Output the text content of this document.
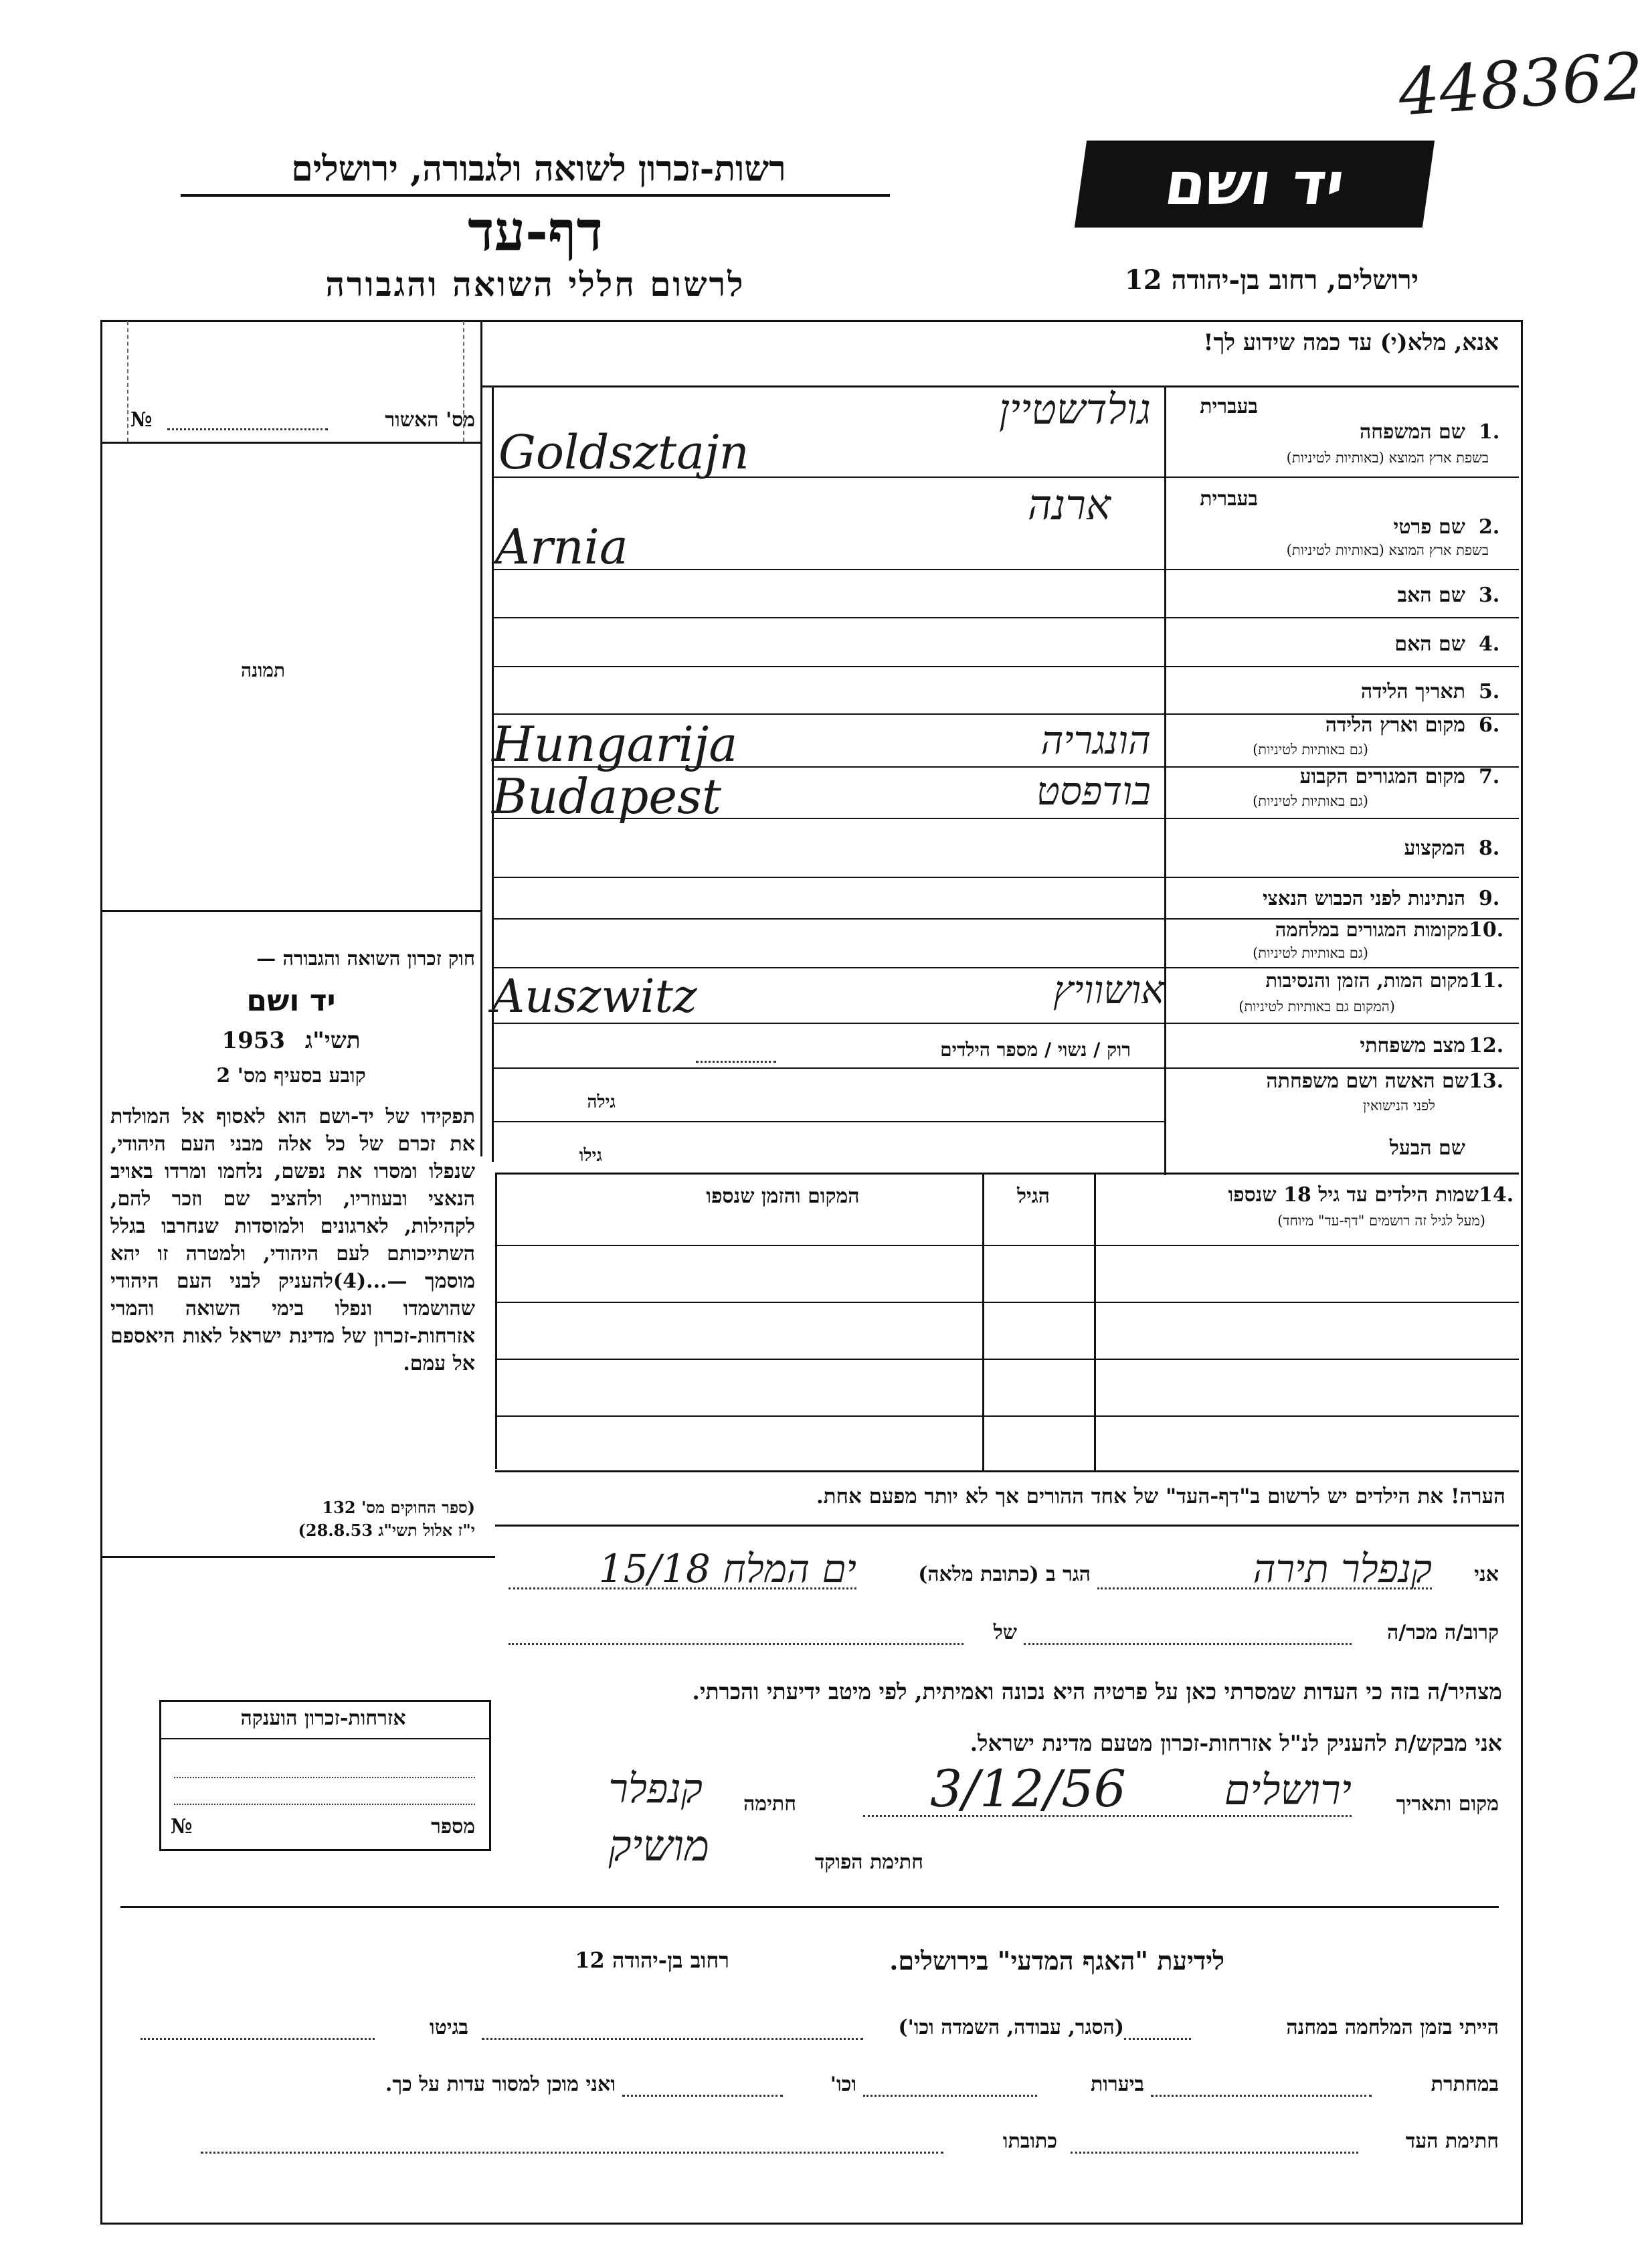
448362
רשות-זכרון לשואה ולגבורה, ירושלים
דף-עד
לרשום חללי השואה והגבורה
יד ושם
ירושלים, רחוב בן-יהודה 12
מס' האשור
№
תמונה
אנא, מלא(י) עד כמה שידוע לך!
בעברית
שם המשפחה 1.
בשפת ארץ המוצא (באותיות לטיניות)
גולדשטיין
Goldsztajn
בעברית
שם פרטי 2.
בשפת ארץ המוצא (באותיות לטיניות)
ארנה
Arnia
שם האב 3.
שם האם 4.
תאריך הלידה 5.
מקום וארץ הלידה 6.
(גם באותיות לטיניות)
הונגריה
Hungarija
מקום המגורים הקבוע 7.
(גם באותיות לטיניות)
בודפסט
Budapest
המקצוע 8.
הנתינות לפני הכבוש הנאצי 9.
מקומות המגורים במלחמה 10.
(גם באותיות לטיניות)
מקום המות, הזמן והנסיבות 11.
(המקום גם באותיות לטיניות)
אושוויץ
Auszwitz
מצב משפחתי 12.
רוק / נשוי / מספר הילדים
שם האשה ושם משפחתה 13.
לפני הנישואין
גילה
שם הבעל
גילו
שמות הילדים עד גיל 18 שנספו 14.
(מעל לגיל זה רושמים "דף-עד" מיוחד)
הגיל
המקום והזמן שנספו
חוק זכרון השואה והגבורה —
יד ושם
1953 תשי"ג
קובע בסעיף מס' 2
תפקידו של יד-ושם הוא לאסוף אל המולדת את זכרם של כל אלה מבני העם היהודי, שנפלו ומסרו את נפשם, נלחמו ומרדו באויב הנאצי ובעוזריו, ולהציב שם וזכר להם, לקהילות, לארגונים ולמוסדות שנחרבו בגלל השתייכותם לעם היהודי, ולמטרה זו יהא מוסמך —...(4)להעניק לבני העם היהודי שהושמדו ונפלו בימי השואה והמרי אזרחות-זכרון של מדינת ישראל לאות היאספם אל עמם.
(ספר החוקים מס' 132
י"ז אלול תשי"ג 28.8.53)
הערה! את הילדים יש לרשום ב"דף-העד" של אחד ההורים אך לא יותר מפעם אחת.
אני
קנפלר תירה
הגר ב (כתובת מלאה)
ים המלח 15/18
קרוב/ה מכר/ה
של
מצהיר/ה בזה כי העדות שמסרתי כאן על פרטיה היא נכונה ואמיתית, לפי מיטב ידיעתי והכרתי.
אני מבקש/ת להעניק לנ"ל אזרחות-זכרון מטעם מדינת ישראל.
מקום ותאריך
ירושלים
3/12/56
חתימה
קנפלר
חתימת הפוקד
מושיק
אזרחות-זכרון הוענקה
№	מספר
לידיעת "האגף המדעי" בירושלים.
רחוב בן-יהודה 12
הייתי בזמן המלחמה במחנה
(הסגר, עבודה, השמדה וכו')
בגיטו
במחתרת
ביערות
וכו'
ואני מוכן למסור עדות על כך.
חתימת העד
כתובתו
